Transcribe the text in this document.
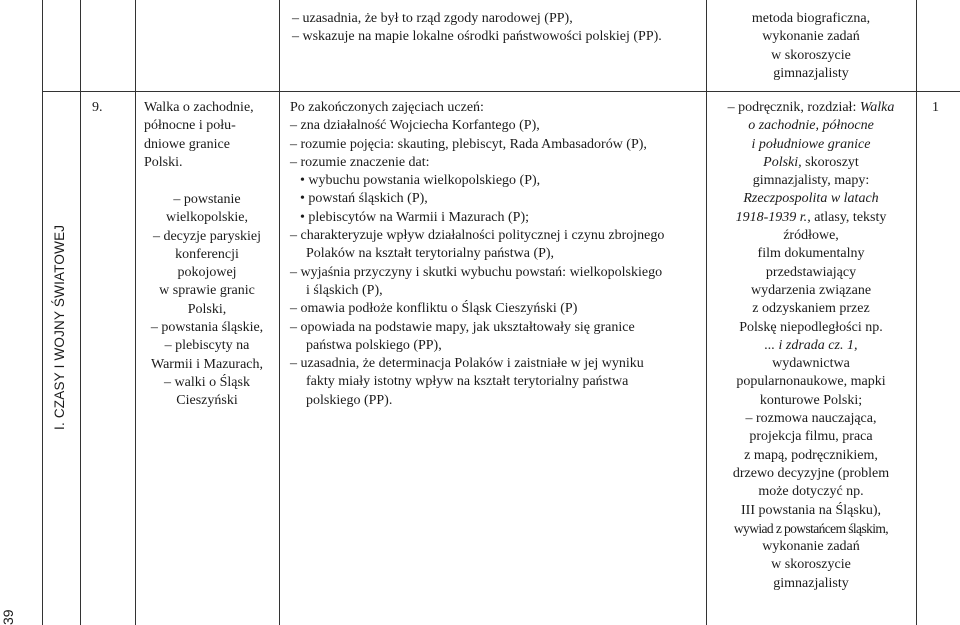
39
I. CZASY I WOJNY ŚWIATOWEJ
– uzasadnia, że był to rząd zgody narodowej (PP),
– wskazuje na mapie lokalne ośrodki państwowości polskiej (PP).
metoda biograficzna,
wykonanie zadań
w skoroszycie
gimnazjalisty
9.	Walka o zachodnie,
północne i połu-
dniowe granice
Polski.
– powstanie
wielkopolskie,
– decyzje paryskiej
konferencji
pokojowej
w sprawie granic
Polski,
– powstania śląskie,
– plebiscyty na
Warmii i Mazurach,
– walki o Śląsk
Cieszyński
Po zakończonych zajęciach uczeń:
– zna działalność Wojciecha Korfantego (P),
– rozumie pojęcia: skauting, plebiscyt, Rada Ambasadorów (P),
– rozumie znaczenie dat:
• wybuchu powstania wielkopolskiego (P),
• powstań śląskich (P),
• plebiscytów na Warmii i Mazurach (P);
– charakteryzuje wpływ działalności politycznej i czynu zbrojnego
Polaków na kształt terytorialny państwa (P),
– wyjaśnia przyczyny i skutki wybuchu powstań: wielkopolskiego
i śląskich (P),
– omawia podłoże konfliktu o Śląsk Cieszyński (P)
– opowiada na podstawie mapy, jak ukształtowały się granice
państwa polskiego (PP),
– uzasadnia, że determinacja Polaków i zaistniałe w jej wyniku
fakty miały istotny wpływ na kształt terytorialny państwa
polskiego (PP).
– podręcznik, rozdział: Walka
o zachodnie, północne
i południowe granice
Polski, skoroszyt
gimnazjalisty, mapy:
Rzeczpospolita w latach
1918-1939 r., atlasy, teksty
źródłowe,
film dokumentalny
przedstawiający
wydarzenia związane
z odzyskaniem przez
Polskę niepodległości np.
... i zdrada cz. 1,
wydawnictwa
popularnonaukowe, mapki
konturowe Polski;
– rozmowa nauczająca,
projekcja filmu, praca
z mapą, podręcznikiem,
drzewo decyzyjne (problem
może dotyczyć np.
III powstania na Śląsku),
wywiad z powstańcem śląskim,
wykonanie zadań
w skoroszycie
gimnazjalisty
1
